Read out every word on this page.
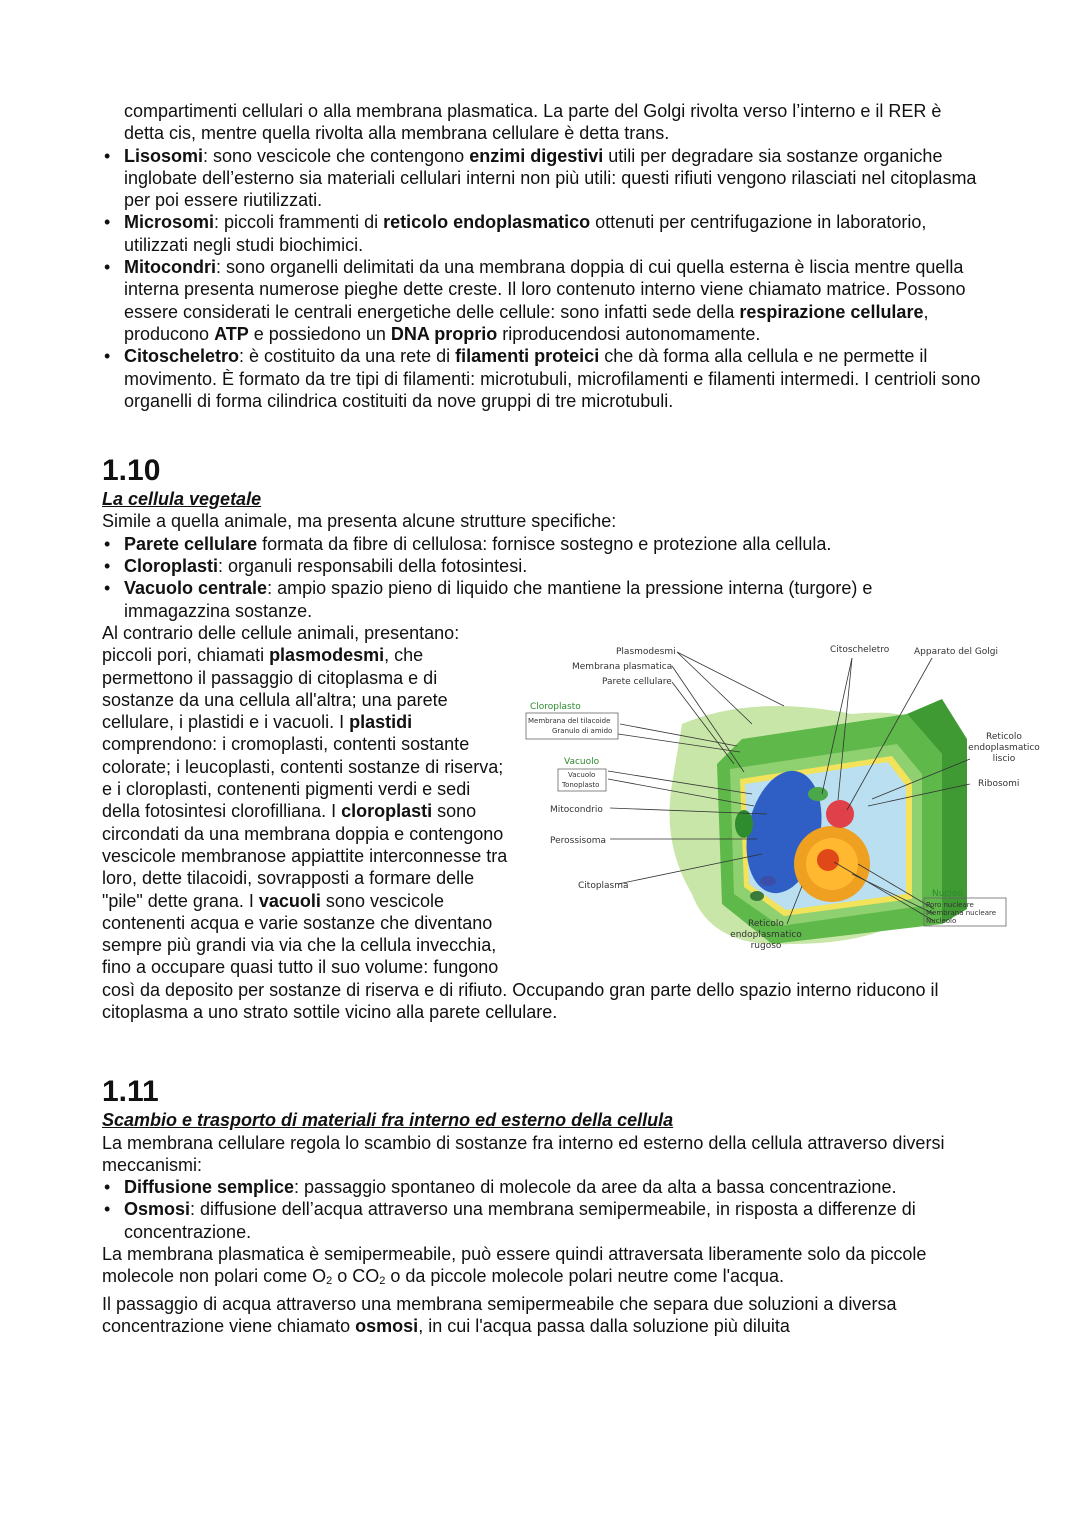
compartimenti cellulari o alla membrana plasmatica. La parte del Golgi rivolta verso l’interno e il RER è detta cis, mentre quella rivolta alla membrana cellulare è detta trans.

• Lisosomi: sono vescicole che contengono enzimi digestivi utili per degradare sia sostanze organiche inglobate dell’esterno sia materiali cellulari interni non più utili: questi rifiuti vengono rilasciati nel citoplasma per poi essere riutilizzati.
• Microsomi: piccoli frammenti di reticolo endoplasmatico ottenuti per centrifugazione in laboratorio, utilizzati negli studi biochimici.
• Mitocondri: sono organelli delimitati da una membrana doppia di cui quella esterna è liscia mentre quella interna presenta numerose pieghe dette creste. Il loro contenuto interno viene chiamato matrice. Possono essere considerati le centrali energetiche delle cellule: sono infatti sede della respirazione cellulare, producono ATP e possiedono un DNA proprio riproducendosi autonomamente.
• Citoscheletro: è costituito da una rete di filamenti proteici che dà forma alla cellula e ne permette il movimento. È formato da tre tipi di filamenti: microtubuli, microfilamenti e filamenti intermedi. I centrioli sono organelli di forma cilindrica costituiti da nove gruppi di tre microtubuli.
1.10

La cellula vegetale

Simile a quella animale, ma presenta alcune strutture specifiche:

• Parete cellulare formata da fibre di cellulosa: fornisce sostegno e protezione alla cellula.
• Cloroplasti: organuli responsabili della fotosintesi.
• Vacuolo centrale: ampio spazio pieno di liquido che mantiene la pressione interna (turgore) e immagazzina sostanze.
Plasmodesmi
Membrana plasmatica
Parete cellulare
Citoscheletro	Apparato del Golgi
Cloroplasto
Membrana del tilacoide
Granulo di amido
Vacuolo
Vacuolo
Tonoplasto
Mitocondrio
Perossisoma
Citoplasma
Reticolo
endoplasmatico
rugoso
Reticolo
endoplasmatico
liscio
Ribosomi
Nucleo
Poro nucleare
Membrana nucleare
Nucleolo

Al contrario delle cellule animali, presentano: piccoli pori, chiamati plasmodesmi, che permettono il passaggio di citoplasma e di sostanze da una cellula all'altra; una parete cellulare, i plastidi e i vacuoli. I plastidi comprendono: i cromoplasti, contenti sostante colorate; i leucoplasti, contenti sostanze di riserva; e i cloroplasti, contenenti pigmenti verdi e sedi della fotosintesi clorofilliana. I cloroplasti sono circondati da una membrana doppia e contengono vescicole membranose appiattite interconnesse tra loro, dette tilacoidi, sovrapposti a formare delle "pile" dette grana. I vacuoli sono vescicole contenenti acqua e varie sostanze che diventano sempre più grandi via via che la cellula invecchia, fino a occupare quasi tutto il suo volume: fungono così da deposito per sostanze di riserva e di rifiuto. Occupando gran parte dello spazio interno riducono il citoplasma a uno strato sottile vicino alla parete cellulare.

1.11

Scambio e trasporto di materiali fra interno ed esterno della cellula

La membrana cellulare regola lo scambio di sostanze fra interno ed esterno della cellula attraverso diversi meccanismi:

• Diffusione semplice: passaggio spontaneo di molecole da aree da alta a bassa concentrazione.
• Osmosi: diffusione dell’acqua attraverso una membrana semipermeabile, in risposta a differenze di concentrazione.

La membrana plasmatica è semipermeabile, può essere quindi attraversata liberamente solo da piccole molecole non polari come O2 o CO2 o da piccole molecole polari neutre come l'acqua.

Il passaggio di acqua attraverso una membrana semipermeabile che separa due soluzioni a diversa concentrazione viene chiamato osmosi, in cui l'acqua passa dalla soluzione più diluita
